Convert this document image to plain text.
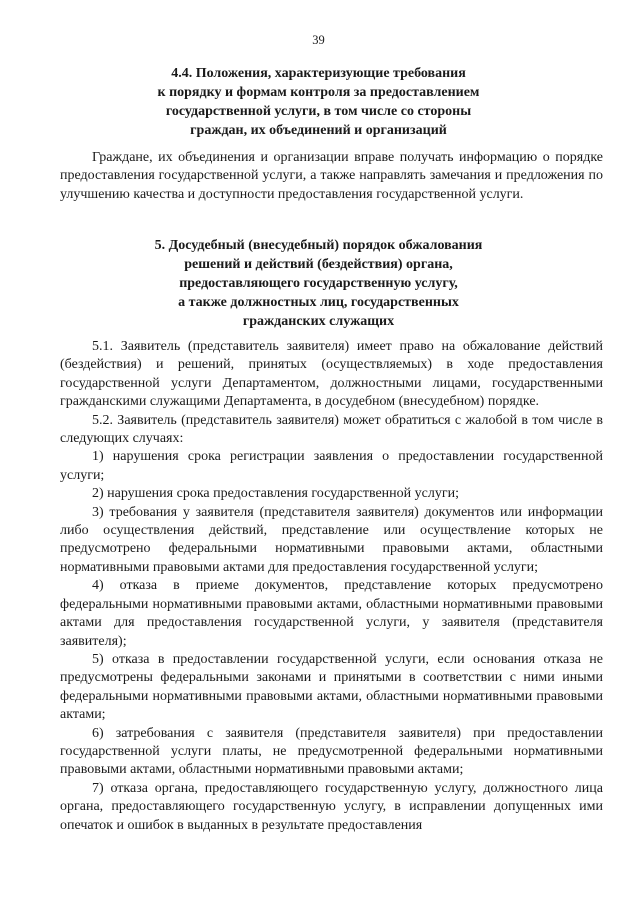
39
4.4. Положения, характеризующие требования
к порядку и формам контроля за предоставлением
государственной услуги, в том числе со стороны
граждан, их объединений и организаций

Граждане, их объединения и организации вправе получать информацию о порядке предоставления государственной услуги, а также направлять замечания и предложения по улучшению качества и доступности предоставления государственной услуги.

5. Досудебный (внесудебный) порядок обжалования
решений и действий (бездействия) органа,
предоставляющего государственную услугу,
а также должностных лиц, государственных
гражданских служащих

5.1. Заявитель (представитель заявителя) имеет право на обжалование действий (бездействия) и решений, принятых (осуществляемых) в ходе предоставления государственной услуги Департаментом, должностными лицами, государственными гражданскими служащими Департамента, в досудебном (внесудебном) порядке.

5.2. Заявитель (представитель заявителя) может обратиться с жалобой в том числе в следующих случаях:

1) нарушения срока регистрации заявления о предоставлении государственной услуги;

2) нарушения срока предоставления государственной услуги;

3) требования у заявителя (представителя заявителя) документов или информации либо осуществления действий, представление или осуществление которых не предусмотрено федеральными нормативными правовыми актами, областными нормативными правовыми актами для предоставления государственной услуги;

4) отказа в приеме документов, представление которых предусмотрено федеральными нормативными правовыми актами, областными нормативными правовыми актами для предоставления государственной услуги, у заявителя (представителя заявителя);

5) отказа в предоставлении государственной услуги, если основания отказа не предусмотрены федеральными законами и принятыми в соответствии с ними иными федеральными нормативными правовыми актами, областными нормативными правовыми актами;

6) затребования с заявителя (представителя заявителя) при предоставлении государственной услуги платы, не предусмотренной федеральными нормативными правовыми актами, областными нормативными правовыми актами;

7) отказа органа, предоставляющего государственную услугу, должностного лица органа, предоставляющего государственную услугу, в исправлении допущенных ими опечаток и ошибок в выданных в результате предоставления
